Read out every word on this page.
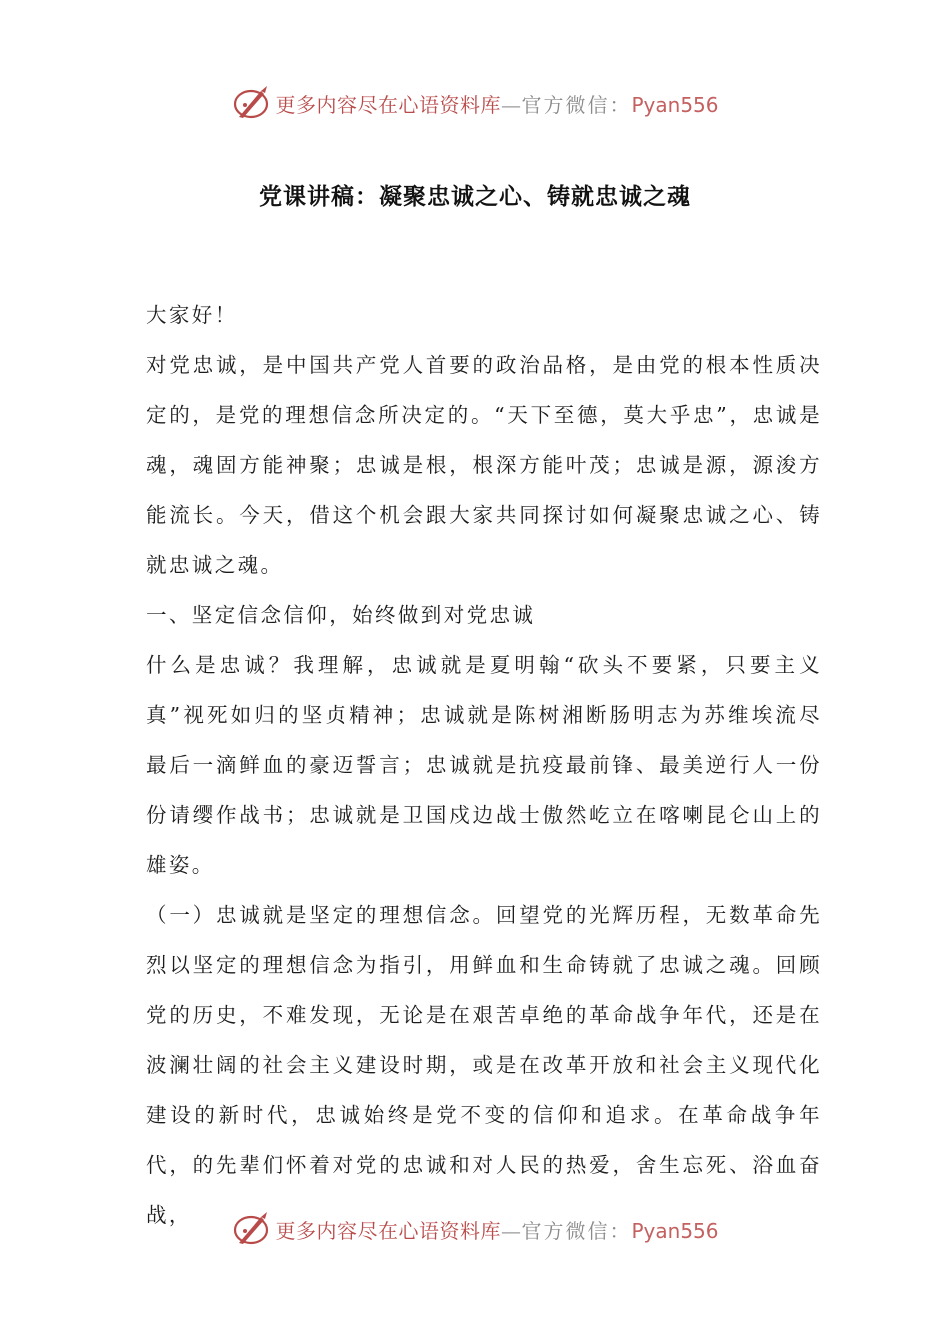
更多内容尽在心语资料库—官方微信：Pyan556
党课讲稿：凝聚忠诚之心、铸就忠诚之魂

大家好！

对党忠诚，是中国共产党人首要的政治品格，是由党的根本性质决定的，是党的理想信念所决定的。“天下至德，莫大乎忠”，忠诚是魂，魂固方能神聚；忠诚是根，根深方能叶茂；忠诚是源，源浚方能流长。今天，借这个机会跟大家共同探讨如何凝聚忠诚之心、铸就忠诚之魂。

一、坚定信念信仰，始终做到对党忠诚

什么是忠诚？我理解，忠诚就是夏明翰“砍头不要紧，只要主义真”视死如归的坚贞精神；忠诚就是陈树湘断肠明志为苏维埃流尽最后一滴鲜血的豪迈誓言；忠诚就是抗疫最前锋、最美逆行人一份份请缨作战书；忠诚就是卫国戍边战士傲然屹立在喀喇昆仑山上的雄姿。

（一）忠诚就是坚定的理想信念。回望党的光辉历程，无数革命先烈以坚定的理想信念为指引，用鲜血和生命铸就了忠诚之魂。回顾党的历史，不难发现，无论是在艰苦卓绝的革命战争年代，还是在波澜壮阔的社会主义建设时期，或是在改革开放和社会主义现代化建设的新时代，忠诚始终是党不变的信仰和追求。在革命战争年代，的先辈们怀着对党的忠诚和对人民的热爱，舍生忘死、浴血奋战，

更多内容尽在心语资料库—官方微信：Pyan556
